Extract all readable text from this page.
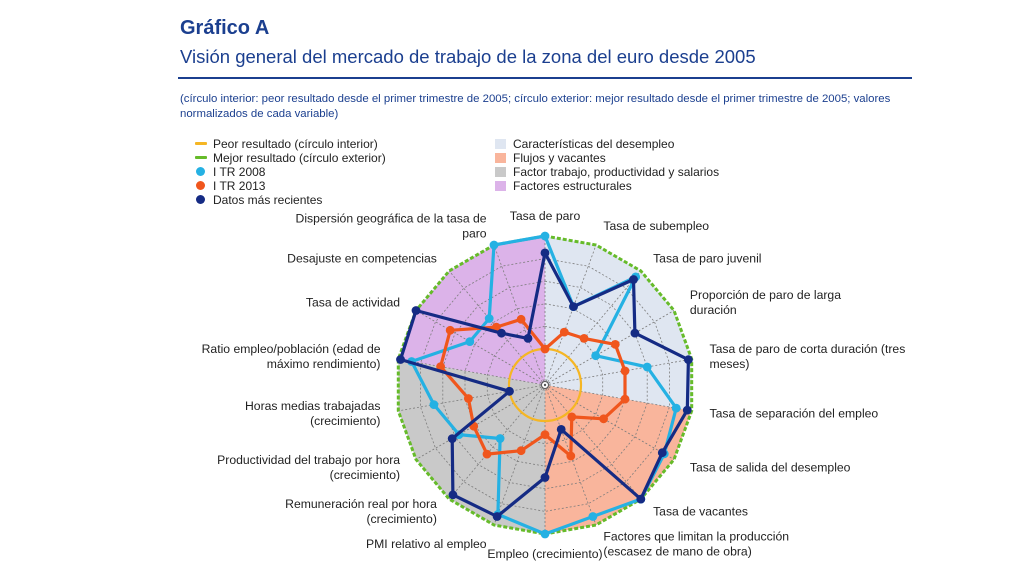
Gráfico A
Visión general del mercado de trabajo de la zona del euro desde 2005
(círculo interior: peor resultado desde el primer trimestre de 2005; círculo exterior: mejor resultado desde el primer trimestre de 2005; valores normalizados de cada variable)
Peor resultado (círculo interior)
Mejor resultado (círculo exterior)
I TR 2008
I TR 2013
Datos más recientes
Características del desempleo
Flujos y vacantes
Factor trabajo, productividad y salarios
Factores estructurales
Tasa de paro
Tasa de subempleo
Tasa de paro juvenil
Proporción de paro de larga duración
Tasa de paro de corta duración (tres meses)
Tasa de separación del empleo
Tasa de salida del desempleo
Tasa de vacantes
Factores que limitan la producción (escasez de mano de obra)
Empleo (crecimiento)
PMI relativo al empleo
Remuneración real por hora (crecimiento)
Productividad del trabajo por hora (crecimiento)
Horas medias trabajadas (crecimiento)
Ratio empleo/población (edad de máximo rendimiento)
Tasa de actividad
Desajuste en competencias
Dispersión geográfica de la tasa de paro
